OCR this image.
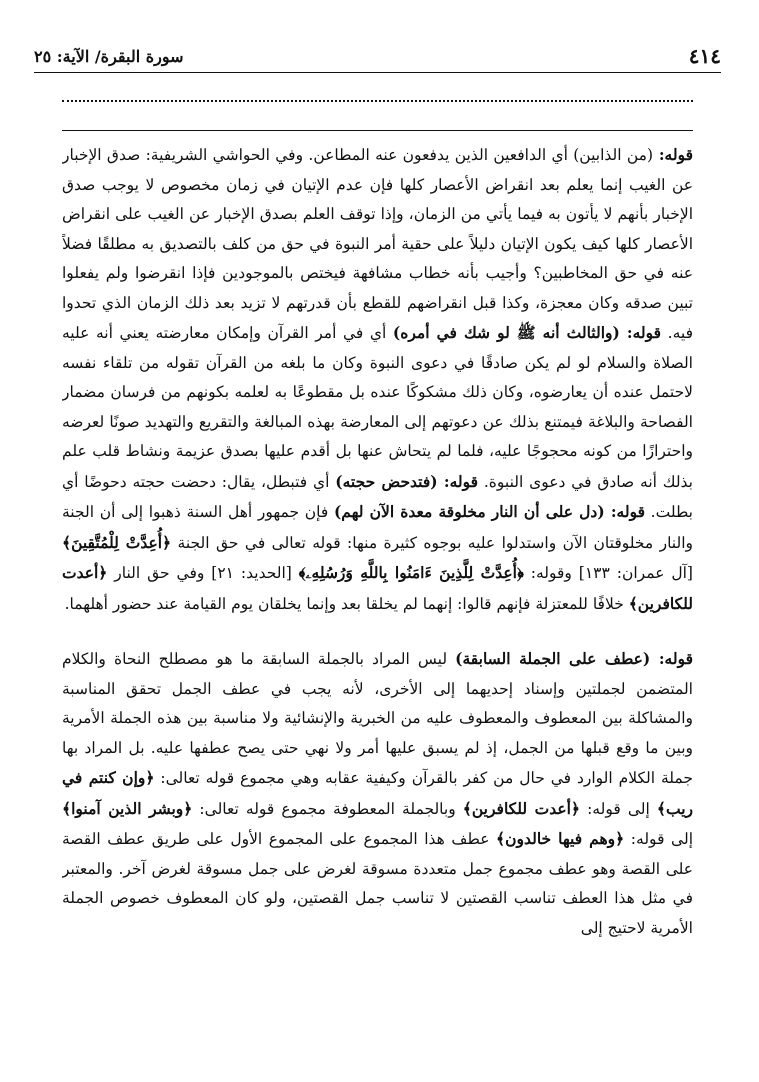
٤١٤
سورة البقرة/ الآية: ٢٥

قوله: (من الذابين) أي الدافعين الذين يدفعون عنه المطاعن. وفي الحواشي الشريفية: صدق الإخبار عن الغيب إنما يعلم بعد انقراض الأعصار كلها فإن عدم الإتيان في زمان مخصوص لا يوجب صدق الإخبار بأنهم لا يأتون به فيما يأتي من الزمان، وإذا توقف العلم بصدق الإخبار عن الغيب على انقراض الأعصار كلها كيف يكون الإتيان دليلاً على حقية أمر النبوة في حق من كلف بالتصديق به مطلقًا فضلاً عنه في حق المخاطبين؟ وأجيب بأنه خطاب مشافهة فيختص بالموجودين فإذا انقرضوا ولم يفعلوا تبين صدقه وكان معجزة، وكذا قبل انقراضهم للقطع بأن قدرتهم لا تزيد بعد ذلك الزمان الذي تحدوا فيه. قوله: (والثالث أنه ﷺ لو شك في أمره) أي في أمر القرآن وإمكان معارضته يعني أنه عليه الصلاة والسلام لو لم يكن صادقًا في دعوى النبوة وكان ما بلغه من القرآن تقوله من تلقاء نفسه لاحتمل عنده أن يعارضوه، وكان ذلك مشكوكًا عنده بل مقطوعًا به لعلمه بكونهم من فرسان مضمار الفصاحة والبلاغة فيمتنع بذلك عن دعوتهم إلى المعارضة بهذه المبالغة والتقريع والتهديد صونًا لعرضه واحترازًا من كونه محجوجًا عليه، فلما لم يتحاش عنها بل أقدم عليها بصدق عزيمة ونشاط قلب علم بذلك أنه صادق في دعوى النبوة. قوله: (فتدحض حجته) أي فتبطل، يقال: دحضت حجته دحوضًا أي بطلت. قوله: (دل على أن النار مخلوقة معدة الآن لهم) فإن جمهور أهل السنة ذهبوا إلى أن الجنة والنار مخلوقتان الآن واستدلوا عليه بوجوه كثيرة منها: قوله تعالى في حق الجنة ﴿أُعِدَّتْ لِلْمُتَّقِينَ﴾ [آل عمران: ١٣٣] وقوله: ﴿أُعِدَّتْ لِلَّذِينَ ءَامَنُوا بِاللَّهِ وَرُسُلِهِۦ﴾ [الحديد: ٢١] وفي حق النار ﴿أعدت للكافرين﴾ خلافًا للمعتزلة فإنهم قالوا: إنهما لم يخلقا بعد وإنما يخلقان يوم القيامة عند حضور أهلهما.

قوله: (عطف على الجملة السابقة) ليس المراد بالجملة السابقة ما هو مصطلح النحاة والكلام المتضمن لجملتين وإسناد إحديهما إلى الأخرى، لأنه يجب في عطف الجمل تحقق المناسبة والمشاكلة بين المعطوف والمعطوف عليه من الخبرية والإنشائية ولا مناسبة بين هذه الجملة الأمرية وبين ما وقع قبلها من الجمل، إذ لم يسبق عليها أمر ولا نهي حتى يصح عطفها عليه. بل المراد بها جملة الكلام الوارد في حال من كفر بالقرآن وكيفية عقابه وهي مجموع قوله تعالى: ﴿وإن كنتم في ريب﴾ إلى قوله: ﴿أعدت للكافرين﴾ وبالجملة المعطوفة مجموع قوله تعالى: ﴿وبشر الذين آمنوا﴾ إلى قوله: ﴿وهم فيها خالدون﴾ عطف هذا المجموع على المجموع الأول على طريق عطف القصة على القصة وهو عطف مجموع جمل متعددة مسوقة لغرض على جمل مسوقة لغرض آخر. والمعتبر في مثل هذا العطف تناسب القصتين لا تناسب جمل القصتين، ولو كان المعطوف خصوص الجملة الأمرية لاحتيج إلى
